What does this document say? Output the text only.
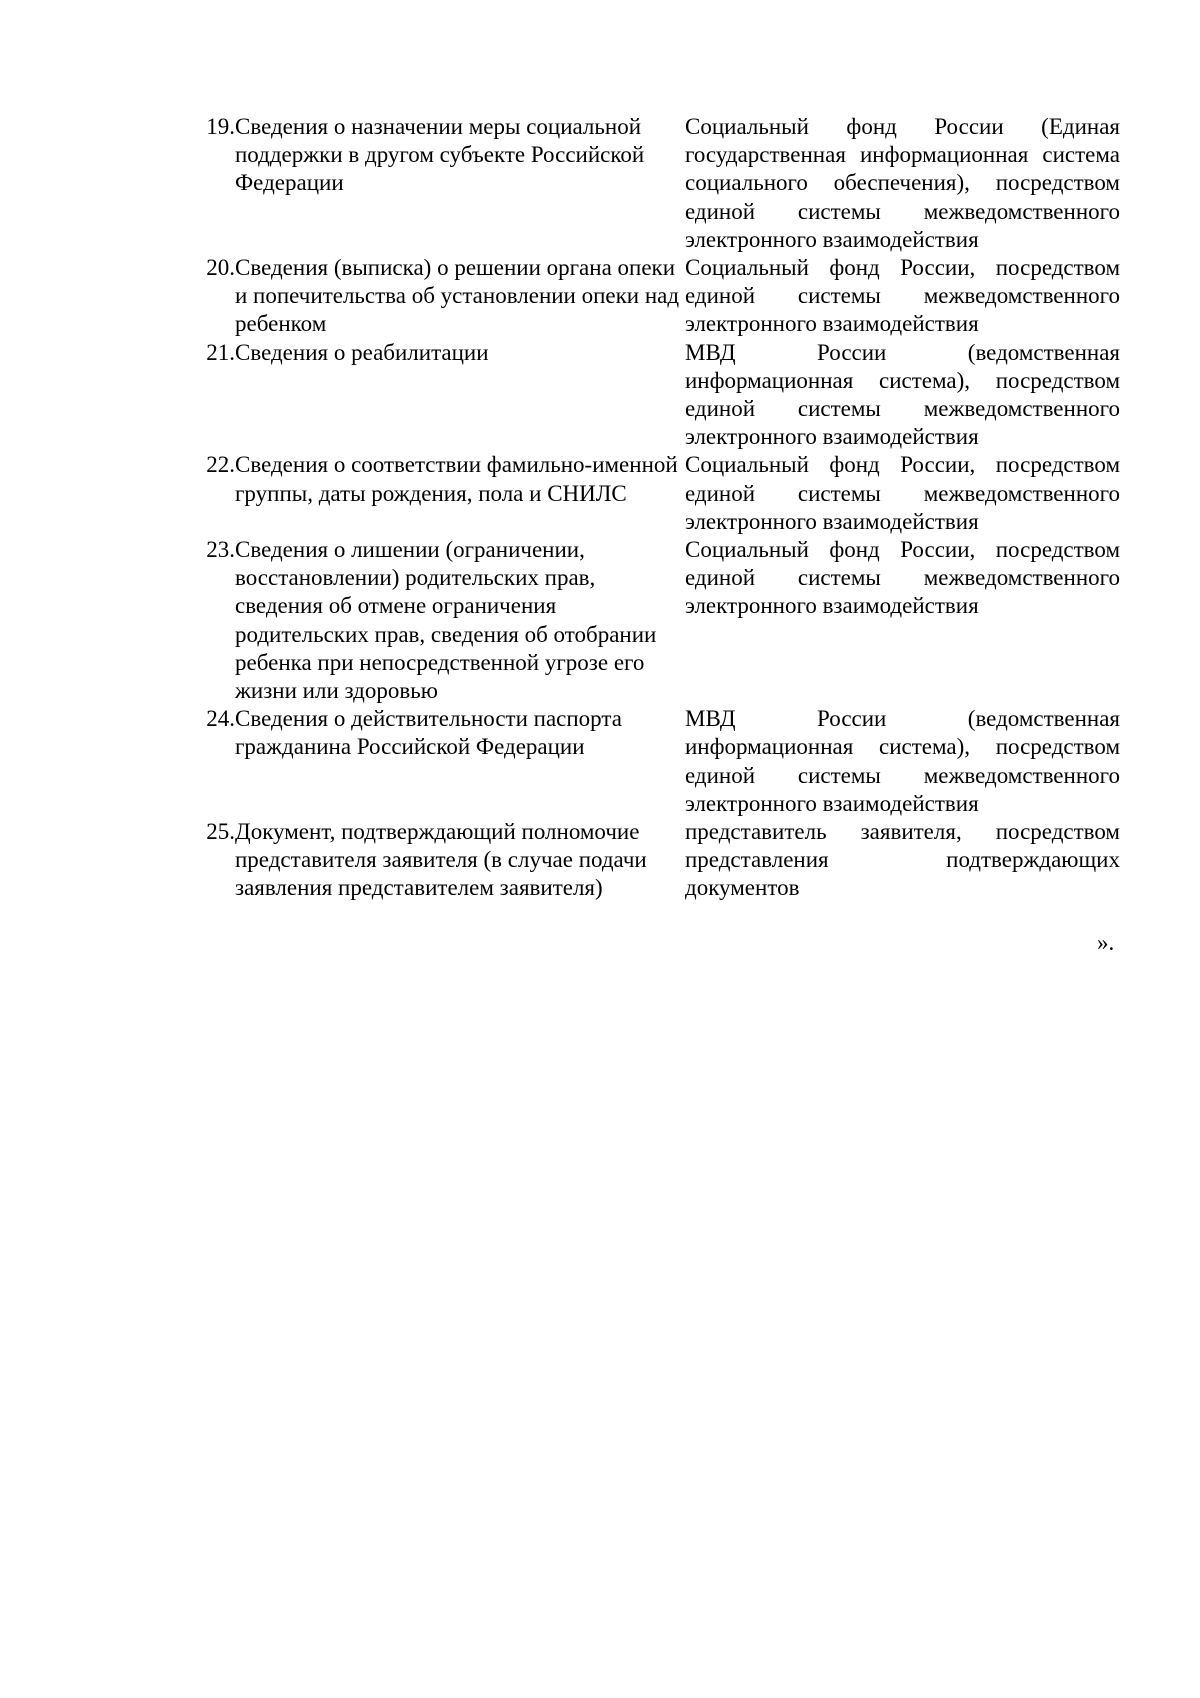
19.	Сведения о назначении меры социальной поддержки в другом субъекте Российской Федерации	Социальный фонд России (Единая государственная информационная система социального обеспечения), посредством единой системы межведомственного электронного взаимодействия
20.	Сведения (выписка) о решении органа опеки и попечительства об установлении опеки над ребенком	Социальный фонд России, посредством единой системы межведомственного электронного взаимодействия
21.	Сведения о реабилитации	МВД России (ведомственная информационная система), посредством единой системы межведомственного электронного взаимодействия
22.	Сведения о соответствии фамильно-именной группы, даты рождения, пола и СНИЛС	Социальный фонд России, посредством единой системы межведомственного электронного взаимодействия
23.	Сведения о лишении (ограничении, восстановлении) родительских прав, сведения об отмене ограничения родительских прав, сведения об отобрании ребенка при непосредственной угрозе его жизни или здоровью	Социальный фонд России, посредством единой системы межведомственного электронного взаимодействия
24.	Сведения о действительности паспорта гражданина Российской Федерации	МВД России (ведомственная информационная система), посредством единой системы межведомственного электронного взаимодействия
25.	Документ, подтверждающий полномочие представителя заявителя (в случае подачи заявления представителем заявителя)	представитель заявителя, посредством представления подтверждающих документов
».
